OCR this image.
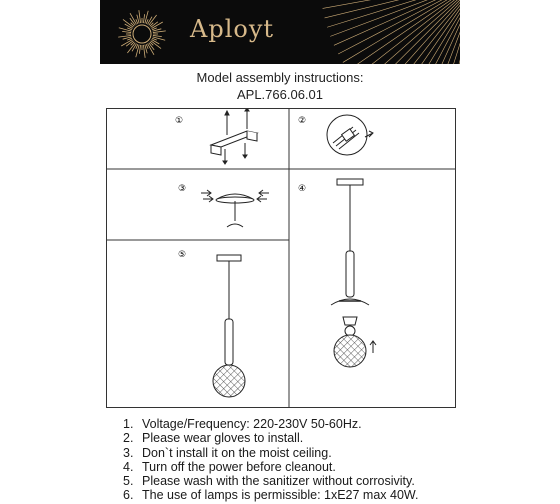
Aployt
Model assembly instructions:
APL.766.06.01
①	②
③	④
⑤
1. Voltage/Frequency: 220-230V 50-60Hz.
2. Please wear gloves to install.
3. Don`t install it on the moist ceiling.
4. Turn off the power before cleanout.
5. Please wash with the sanitizer without corrosivity.
6. The use of lamps is permissible: 1xE27 max 40W.
